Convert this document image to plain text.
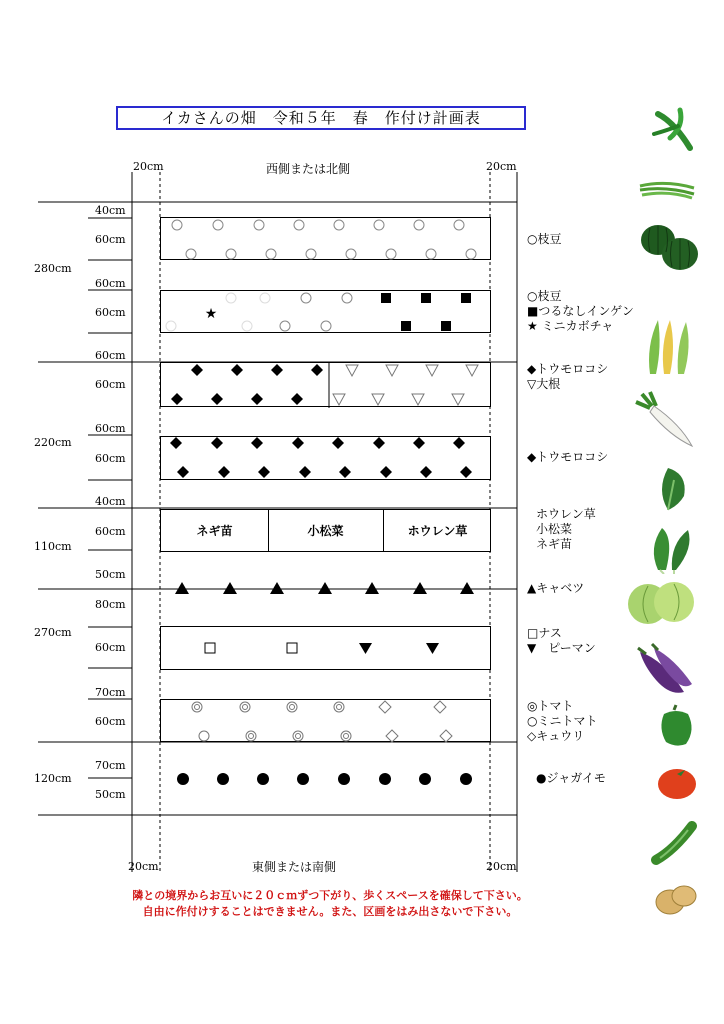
イカさんの畑　令和５年　春　作付け計画表
20cm	西側または北側	20cm
20cm	東側または南側	20cm
280cm
220cm
110cm
270cm
120cm
40cm
60cm
60cm
60cm
60cm
60cm
60cm
60cm
40cm
60cm
50cm
80cm
60cm
70cm
60cm
70cm
50cm
★
ネギ苗	小松菜	ホウレン草
○枝豆
○枝豆
■つるなしインゲン
★ ミニカボチャ
◆トウモロコシ
▽大根
◆トウモロコシ
ホウレン草
小松菜
ネギ苗
▲キャベツ
□ナス
▼　ピーマン
◎トマト
○ミニトマト
◇キュウリ
●ジャガイモ
隣との境界からお互いに２０ｃｍずつ下がり、歩くスペースを確保して下さい。
自由に作付けすることはできません。また、区画をはみ出さないで下さい。
